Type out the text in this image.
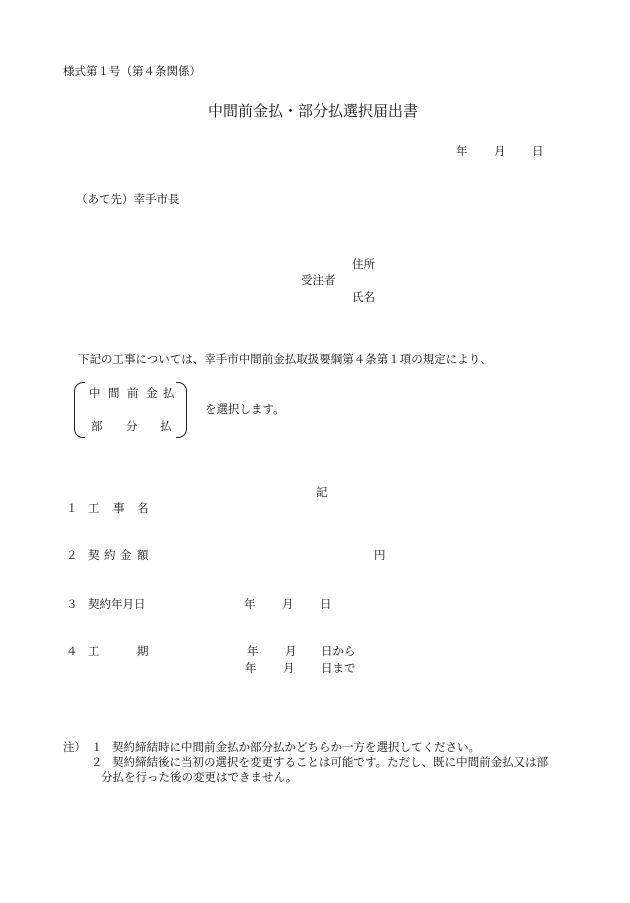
様式第１号（第４条関係）
中間前金払・部分払選択届出書
年 月 日
（あて先）幸手市長
住所
受注者
氏名
下記の工事については、幸手市中間前金払取扱要綱第４条第１項の規定により、
中 間 前 金 払
部 分 払
を選択します。
記
１ 工 事 名
２ 契 約 金 額	円
３ 契約年月日	年 月 日
４ 工	期	年 月 日から
年 月 日まで
注） １ 契約締結時に中間前金払か部分払かどちらか一方を選択してください。
２ 契約締結後に当初の選択を変更することは可能です。ただし、既に中間前金払又は部
分払を行った後の変更はできません。
